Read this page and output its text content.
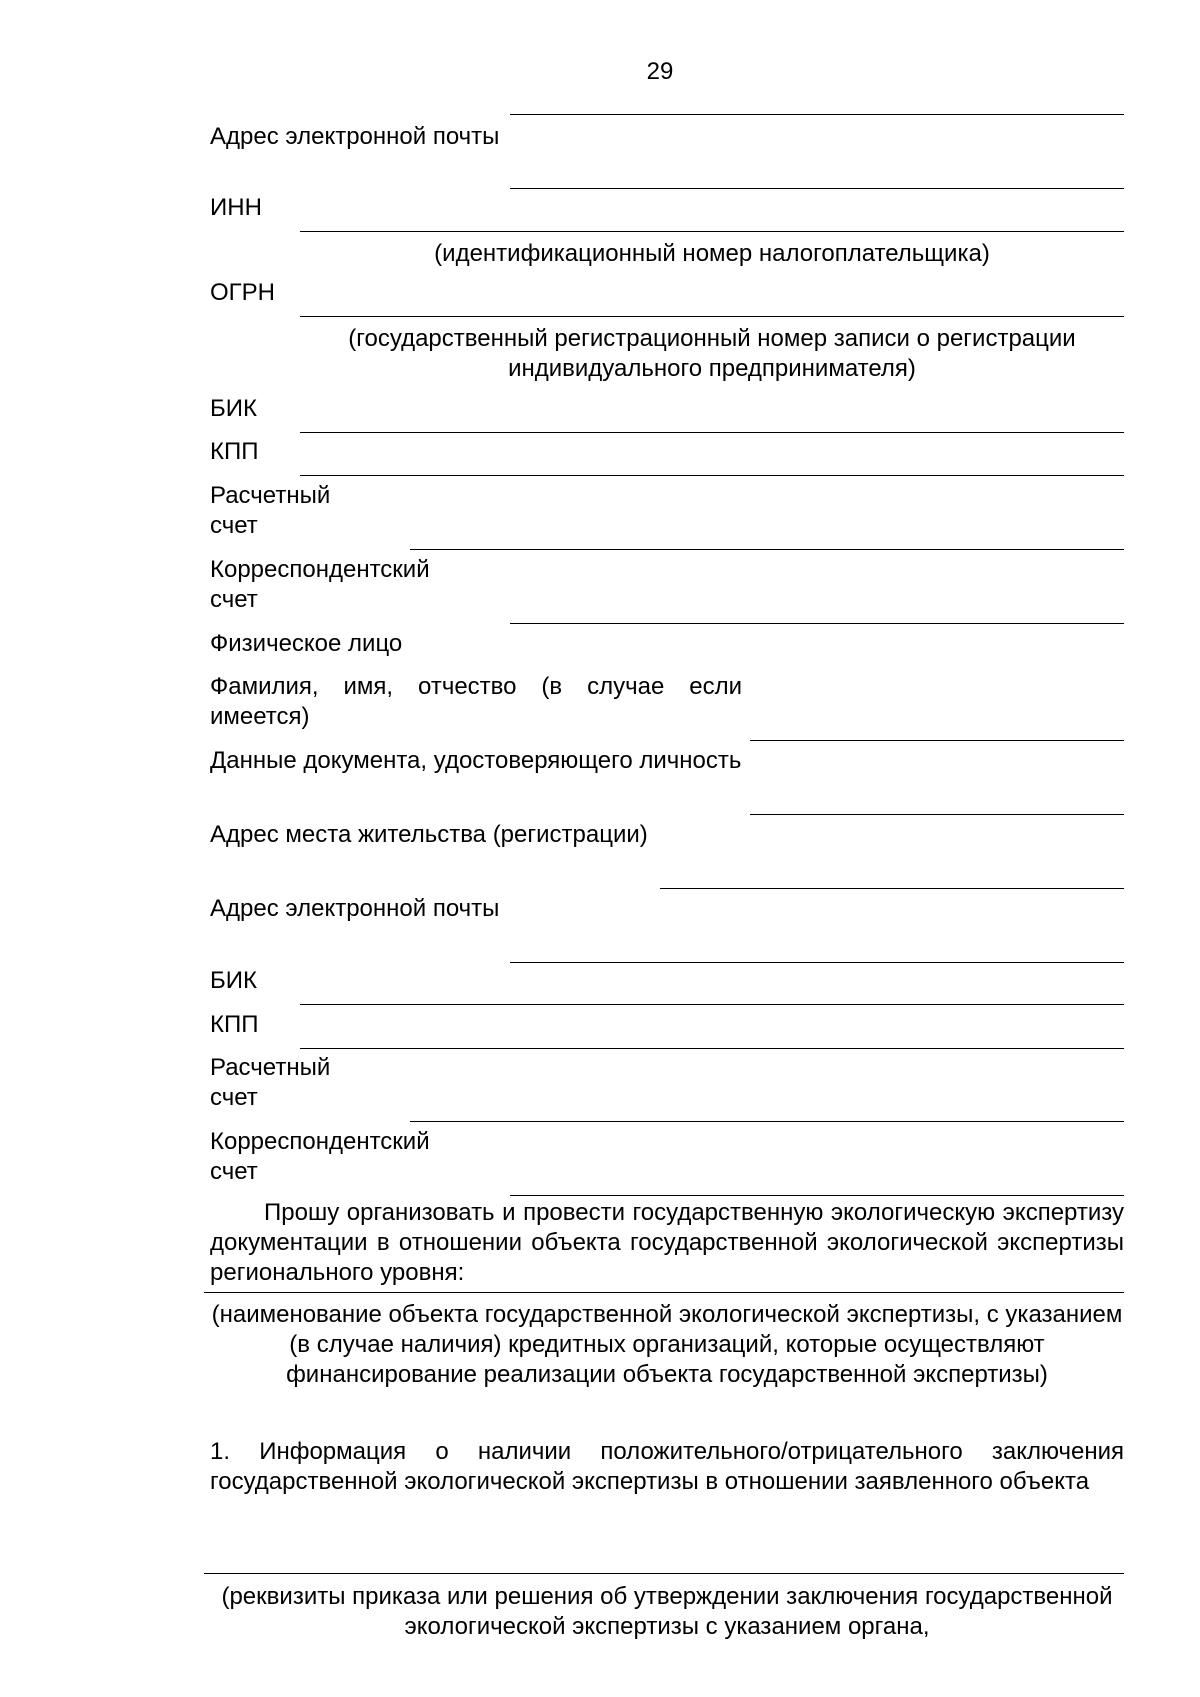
29
Адрес электронной почты
ИНН
(идентификационный номер налогоплательщика)
ОГРН
(государственный регистрационный номер записи о регистрации индивидуального предпринимателя)
БИК
КПП
Расчетный счет
Корреспондентский счет
Физическое лицо
Фамилия, имя, отчество (в случае если имеется)
Данные документа, удостоверяющего личность
Адрес места жительства (регистрации)
Адрес электронной почты
БИК
КПП
Расчетный счет
Корреспондентский счет
Прошу организовать и провести государственную экологическую экспертизу документации в отношении объекта государственной экологической экспертизы регионального уровня:
(наименование объекта государственной экологической экспертизы, с указанием (в случае наличия) кредитных организаций, которые осуществляют финансирование реализации объекта государственной экспертизы)
1. Информация о наличии положительного/отрицательного заключения государственной экологической экспертизы в отношении заявленного объекта
(реквизиты приказа или решения об утверждении заключения государственной экологической экспертизы с указанием органа,
